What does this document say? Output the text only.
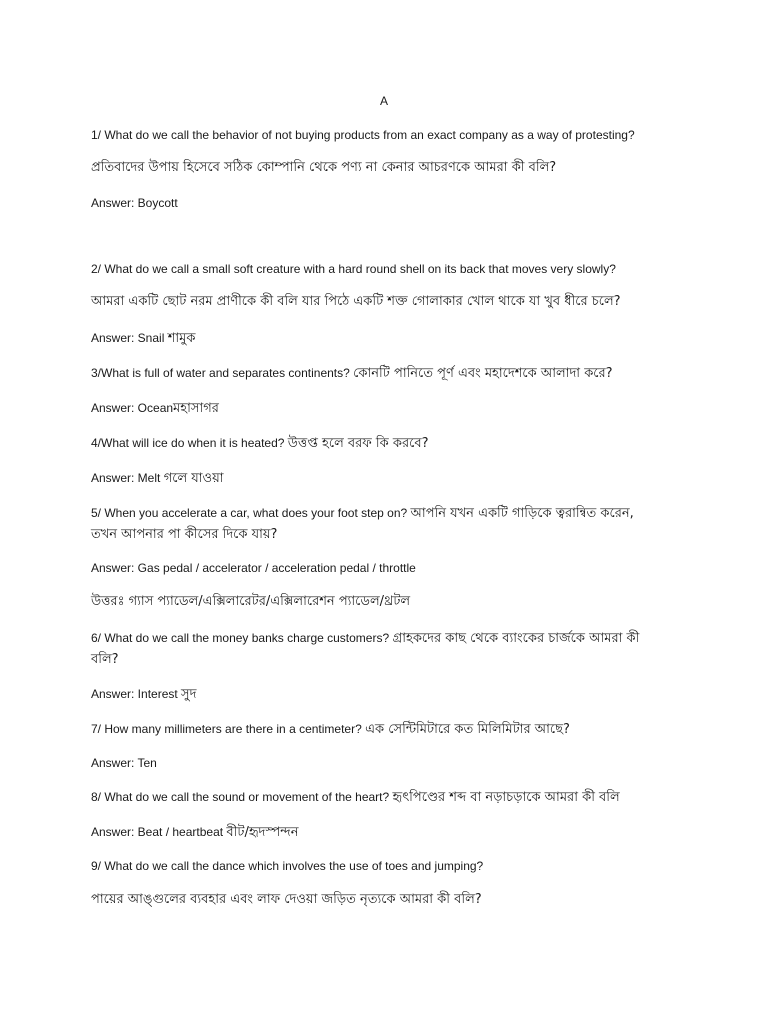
A
1/ What do we call the behavior of not buying products from an exact company as a way of protesting?
প্রতিবাদের উপায় হিসেবে সঠিক কোম্পানি থেকে পণ্য না কেনার আচরণকে আমরা কী বলি?
Answer: Boycott
2/ What do we call a small soft creature with a hard round shell on its back that moves very slowly?
আমরা একটি ছোট নরম প্রাণীকে কী বলি যার পিঠে একটি শক্ত গোলাকার খোল থাকে যা খুব ধীরে চলে?
Answer: Snail শামুক
3/What is full of water and separates continents? কোনটি পানিতে পূর্ণ এবং মহাদেশকে আলাদা করে?
Answer: Oceanমহাসাগর
4/What will ice do when it is heated? উত্তপ্ত হলে বরফ কি করবে?
Answer: Melt গলে যাওয়া
5/ When you accelerate a car, what does your foot step on? আপনি যখন একটি গাড়িকে ত্বরান্বিত করেন, তখন আপনার পা কীসের দিকে যায়?
Answer: Gas pedal / accelerator / acceleration pedal / throttle
উত্তরঃ গ্যাস প্যাডেল/এক্সিলারেটর/এক্সিলারেশন প্যাডেল/থ্রটল
6/ What do we call the money banks charge customers? গ্রাহকদের কাছ থেকে ব্যাংকের চার্জকে আমরা কী বলি?
Answer: Interest সুদ
7/ How many millimeters are there in a centimeter? এক সেন্টিমিটারে কত মিলিমিটার আছে?
Answer: Ten
8/ What do we call the sound or movement of the heart? হৃৎপিণ্ডের শব্দ বা নড়াচড়াকে আমরা কী বলি
Answer: Beat / heartbeat বীট/হৃদস্পন্দন
9/ What do we call the dance which involves the use of toes and jumping?
পায়ের আঙ্গুলের ব্যবহার এবং লাফ দেওয়া জড়িত নৃত্যকে আমরা কী বলি?
